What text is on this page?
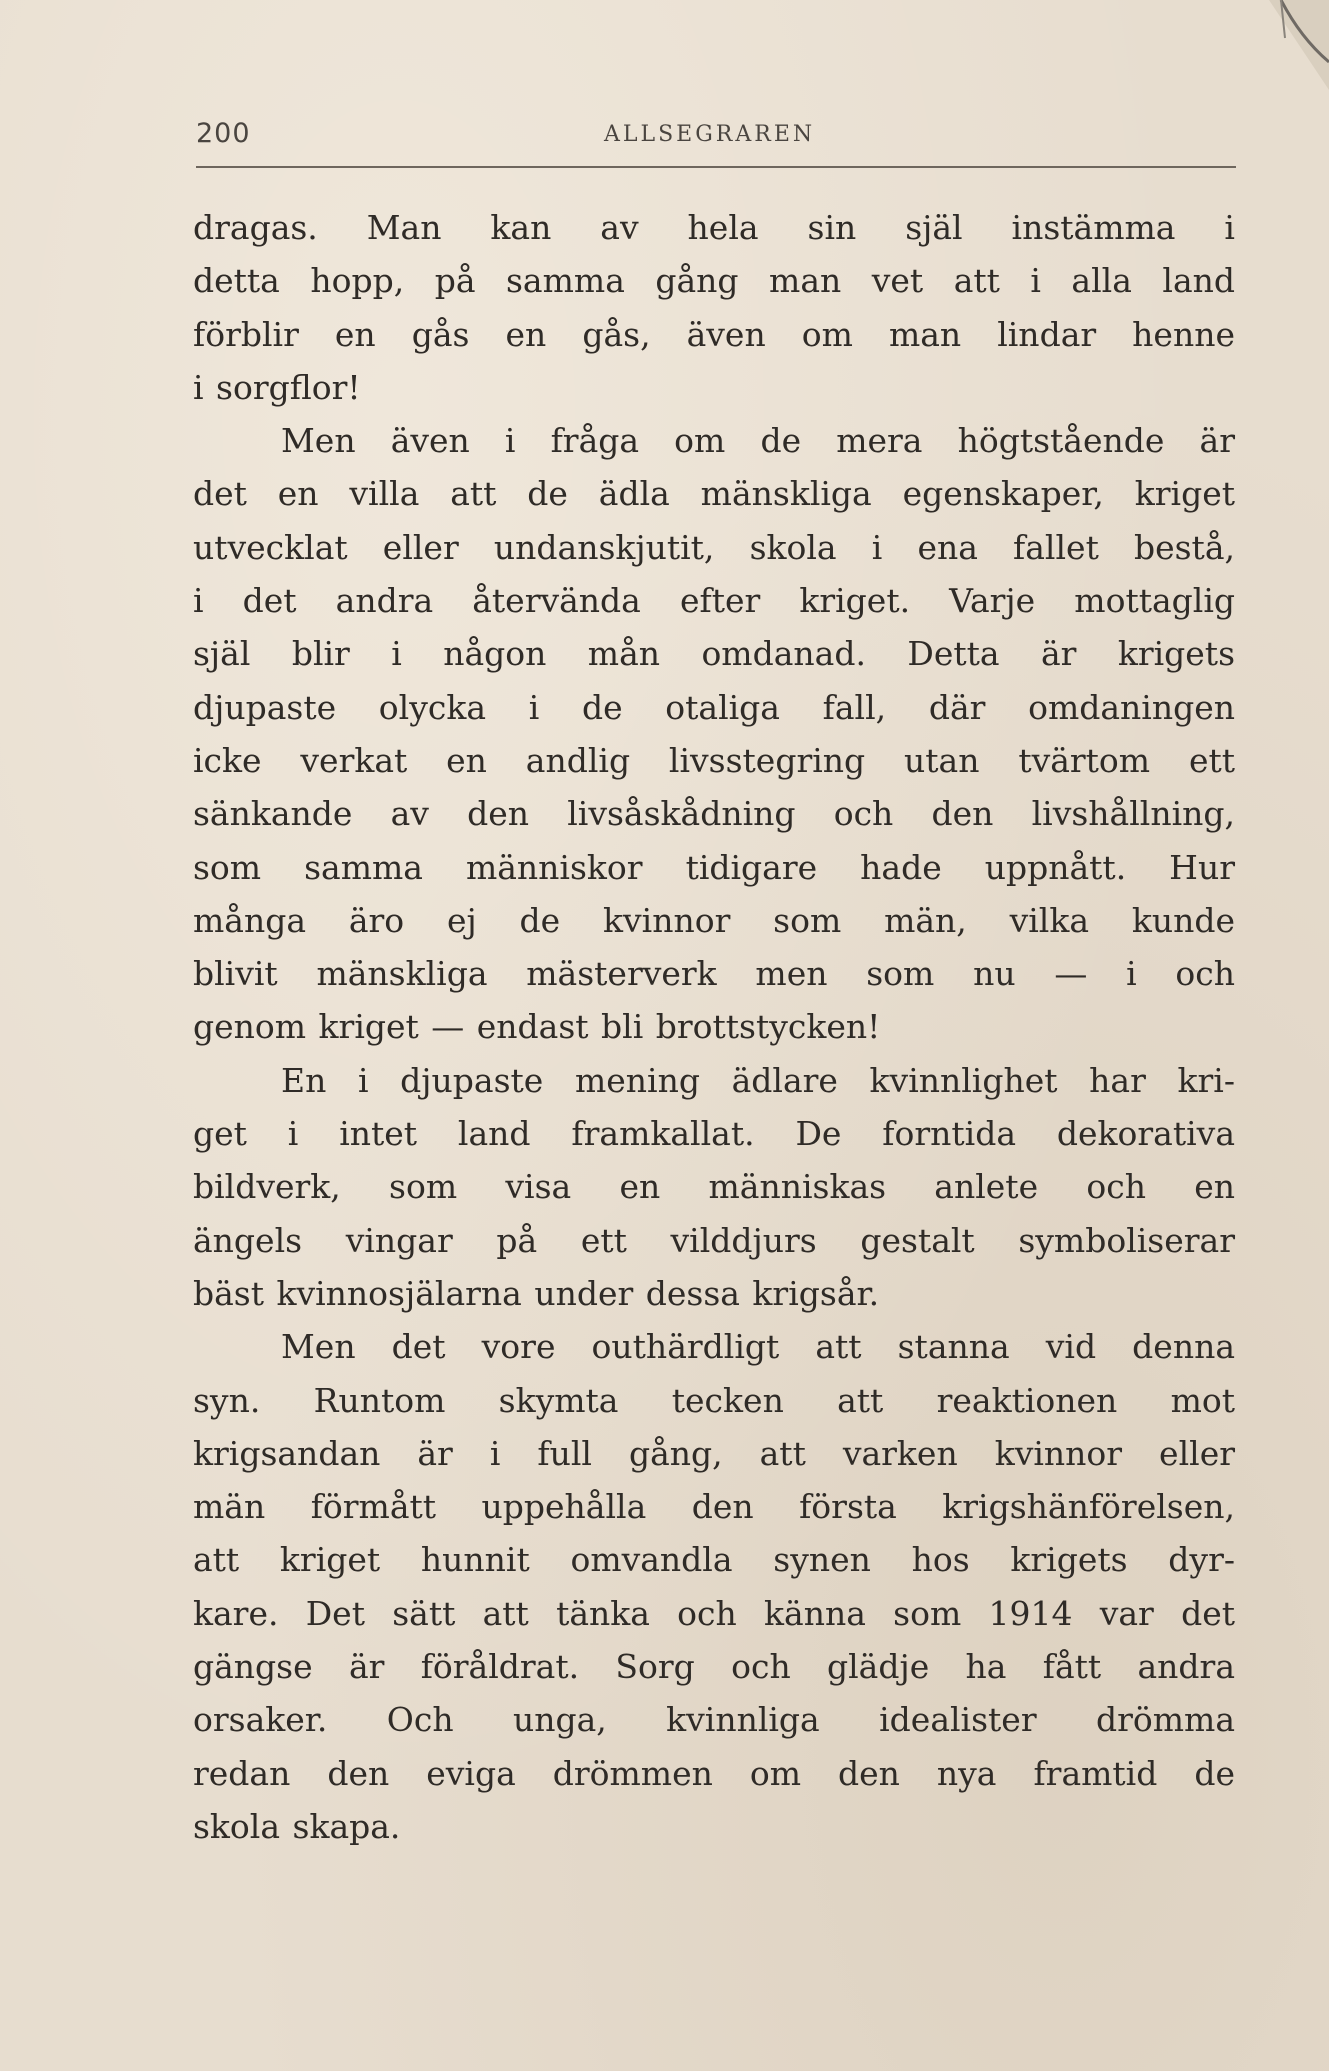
200	ALLSEGRAREN
dragas. Man kan av hela sin själ instämma i
detta hopp, på samma gång man vet att i alla land
förblir en gås en gås, även om man lindar henne
i sorgflor!
Men även i fråga om de mera högtstående är
det en villa att de ädla mänskliga egenskaper, kriget
utvecklat eller undanskjutit, skola i ena fallet bestå,
i det andra återvända efter kriget. Varje mottaglig
själ blir i någon mån omdanad. Detta är krigets
djupaste olycka i de otaliga fall, där omdaningen
icke verkat en andlig livsstegring utan tvärtom ett
sänkande av den livsåskådning och den livshållning,
som samma människor tidigare hade uppnått. Hur
många äro ej de kvinnor som män, vilka kunde
blivit mänskliga mästerverk men som nu — i och
genom kriget — endast bli brottstycken!
En i djupaste mening ädlare kvinnlighet har kri-
get i intet land framkallat. De forntida dekorativa
bildverk, som visa en människas anlete och en
ängels vingar på ett vilddjurs gestalt symboliserar
bäst kvinnosjälarna under dessa krigsår.
Men det vore outhärdligt att stanna vid denna
syn. Runtom skymta tecken att reaktionen mot
krigsandan är i full gång, att varken kvinnor eller
män förmått uppehålla den första krigshänförelsen,
att kriget hunnit omvandla synen hos krigets dyr-
kare. Det sätt att tänka och känna som 1914 var det
gängse är föråldrat. Sorg och glädje ha fått andra
orsaker. Och unga, kvinnliga idealister drömma
redan den eviga drömmen om den nya framtid de
skola skapa.
